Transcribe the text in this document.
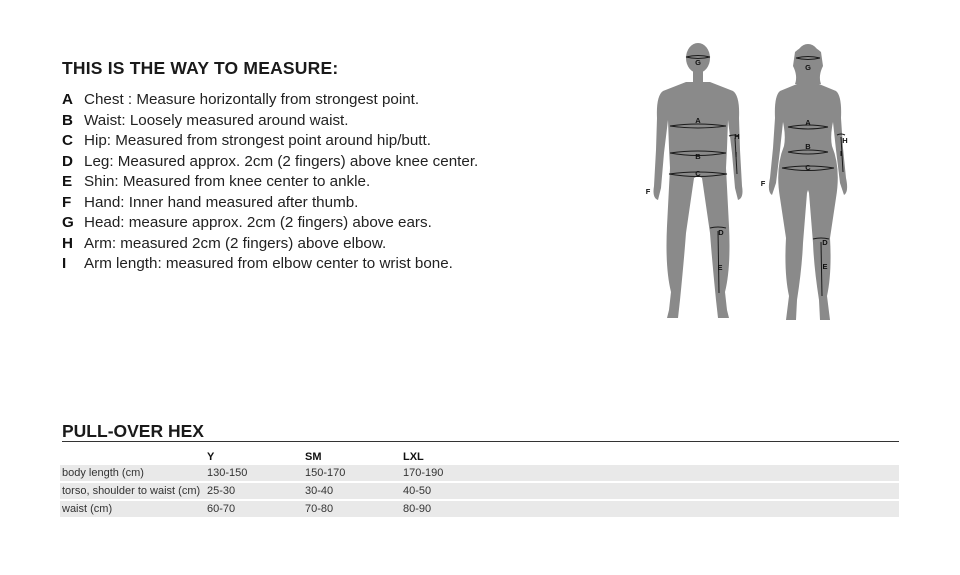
THIS IS THE WAY TO MEASURE:
A Chest : Measure horizontally from strongest point.
B Waist: Loosely measured around waist.
C Hip: Measured from strongest point around hip/butt.
D Leg: Measured approx. 2cm (2 fingers) above knee center.
E Shin: Measured from knee center to ankle.
F Hand: Inner hand measured after thumb.
G Head: measure approx. 2cm (2 fingers) above ears.
H Arm: measured 2cm (2 fingers) above elbow.
I Arm length: measured from elbow center to wrist bone.
G
A
B
C
D
E
F
H
I
G
A
B
C
D
E
F
H
I
PULL-OVER HEX
	Y	SM	LXL	
body length (cm)	130-150	150-170	170-190	
torso, shoulder to waist (cm)	25-30	30-40	40-50	
waist (cm)	60-70	70-80	80-90	
